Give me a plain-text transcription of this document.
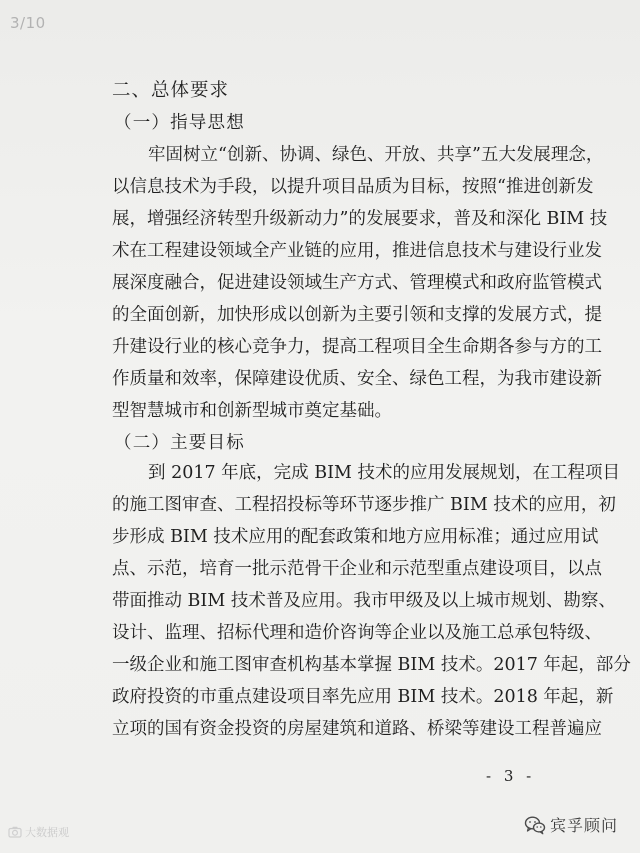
3/10
二、总体要求
（一）指导思想
牢固树立“创新、协调、绿色、开放、共享”五大发展理念，
以信息技术为手段，以提升项目品质为目标，按照“推进创新发
展，增强经济转型升级新动力”的发展要求，普及和深化 BIM 技
术在工程建设领域全产业链的应用，推进信息技术与建设行业发
展深度融合，促进建设领域生产方式、管理模式和政府监管模式
的全面创新，加快形成以创新为主要引领和支撑的发展方式，提
升建设行业的核心竞争力，提高工程项目全生命期各参与方的工
作质量和效率，保障建设优质、安全、绿色工程，为我市建设新
型智慧城市和创新型城市奠定基础。
（二）主要目标
到 2017 年底，完成 BIM 技术的应用发展规划，在工程项目
的施工图审查、工程招投标等环节逐步推广 BIM 技术的应用，初
步形成 BIM 技术应用的配套政策和地方应用标准；通过应用试
点、示范，培育一批示范骨干企业和示范型重点建设项目，以点
带面推动 BIM 技术普及应用。我市甲级及以上城市规划、勘察、
设计、监理、招标代理和造价咨询等企业以及施工总承包特级、
一级企业和施工图审查机构基本掌握 BIM 技术。2017 年起，部分
政府投资的市重点建设项目率先应用 BIM 技术。2018 年起，新
立项的国有资金投资的房屋建筑和道路、桥梁等建设工程普遍应
- 3 -
大数据观	宾孚顾问
